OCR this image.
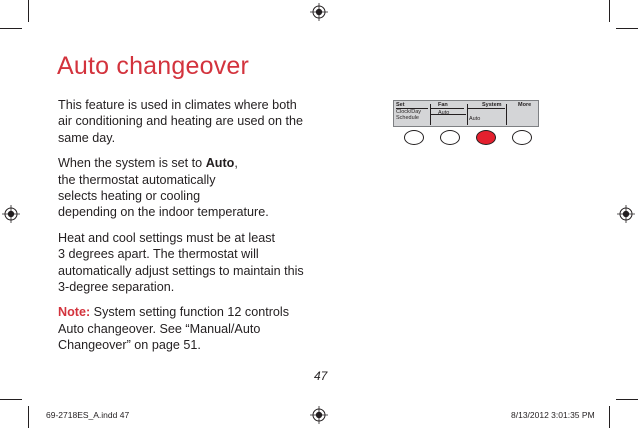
Auto changeover

This feature is used in climates where both
air conditioning and heating are used on the
same day.

When the system is set to Auto,
the thermostat automatically
selects heating or cooling
depending on the indoor temperature.

Heat and cool settings must be at least
3 degrees apart. The thermostat will
automatically adjust settings to maintain this
3-degree separation.

Note: System setting function 12 controls
Auto changeover. See “Manual/Auto
Changeover” on page 51.

Set	Fan	System	More
Clock/Day
Schedule
Auto
Auto
47
69-2718ES_A.indd 47	8/13/2012 3:01:35 PM
